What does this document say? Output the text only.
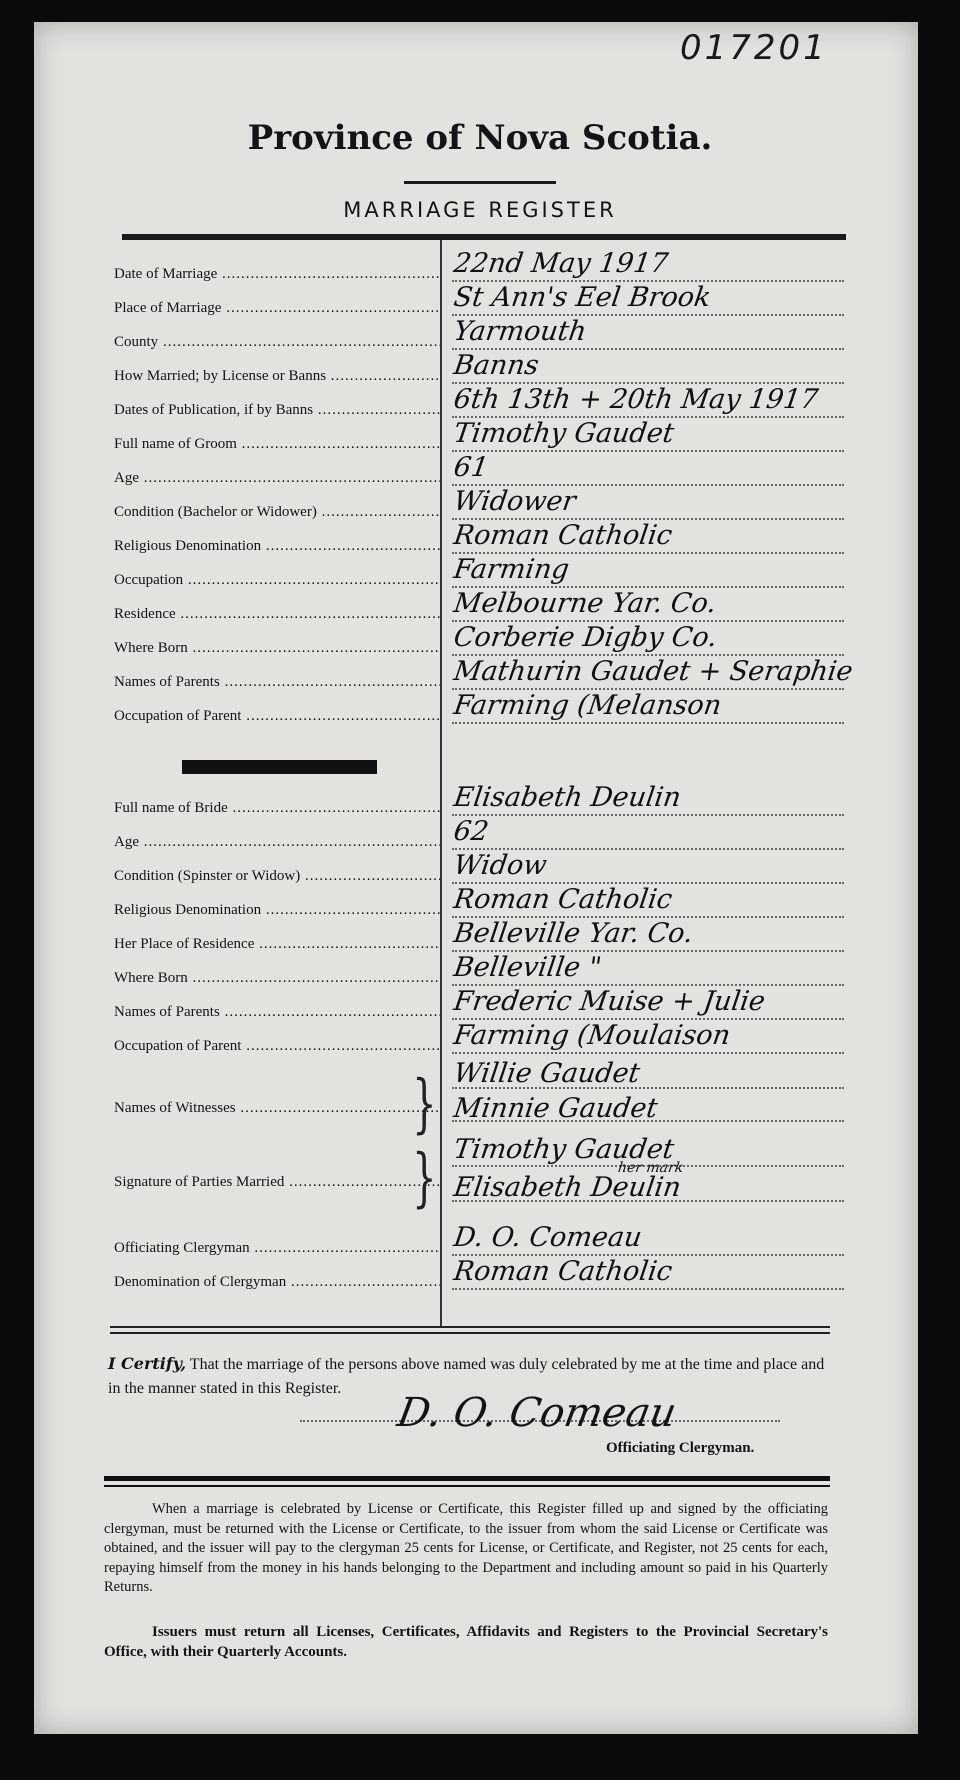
017201
Province of Nova Scotia.
MARRIAGE REGISTER
Date of Marriage .....	22nd May 1917
Place of Marriage .....	St Ann's Eel Brook
County .....	Yarmouth
How Married; by License or Banns .....	Banns
Dates of Publication, if by Banns .....	6th 13th + 20th May 1917
Full name of Groom .....	Timothy Gaudet
Age .....	61
Condition (Bachelor or Widower) .....	Widower
Religious Denomination .....	Roman Catholic
Occupation .....	Farming
Residence .....	Melbourne Yar. Co.
Where Born .....	Corberie Digby Co.
Names of Parents .....	Mathurin Gaudet + Seraphie
Occupation of Parent .....	Farming (Melanson
Full name of Bride .....	Elisabeth Deulin
Age .....	62
Condition (Spinster or Widow) .....	Widow
Religious Denomination .....	Roman Catholic
Her Place of Residence .....	Belleville Yar. Co.
Where Born .....	Belleville "
Names of Parents .....	Frederic Muise + Julie
Occupation of Parent .....	Farming (Moulaison
Names of Witnesses .....	} Willie Gaudet
Minnie Gaudet
Signature of Parties Married .....	} Timothy Gaudet
Elisabeth Deulin
her mark
Officiating Clergyman .....	D. O. Comeau
Denomination of Clergyman .....	Roman Catholic
I Certify, That the marriage of the persons above named was duly celebrated by me at the time and place and in the manner stated in this Register.
D. O. Comeau
Officiating Clergyman.
When a marriage is celebrated by License or Certificate, this Register filled up and signed by the officiating clergyman, must be returned with the License or Certificate, to the issuer from whom the said License or Certificate was obtained, and the issuer will pay to the clergyman 25 cents for License, or Certificate, and Register, not 25 cents for each, repaying himself from the money in his hands belonging to the Department and including amount so paid in his Quarterly Returns.
Issuers must return all Licenses, Certificates, Affidavits and Registers to the Provincial Secretary's Office, with their Quarterly Accounts.
